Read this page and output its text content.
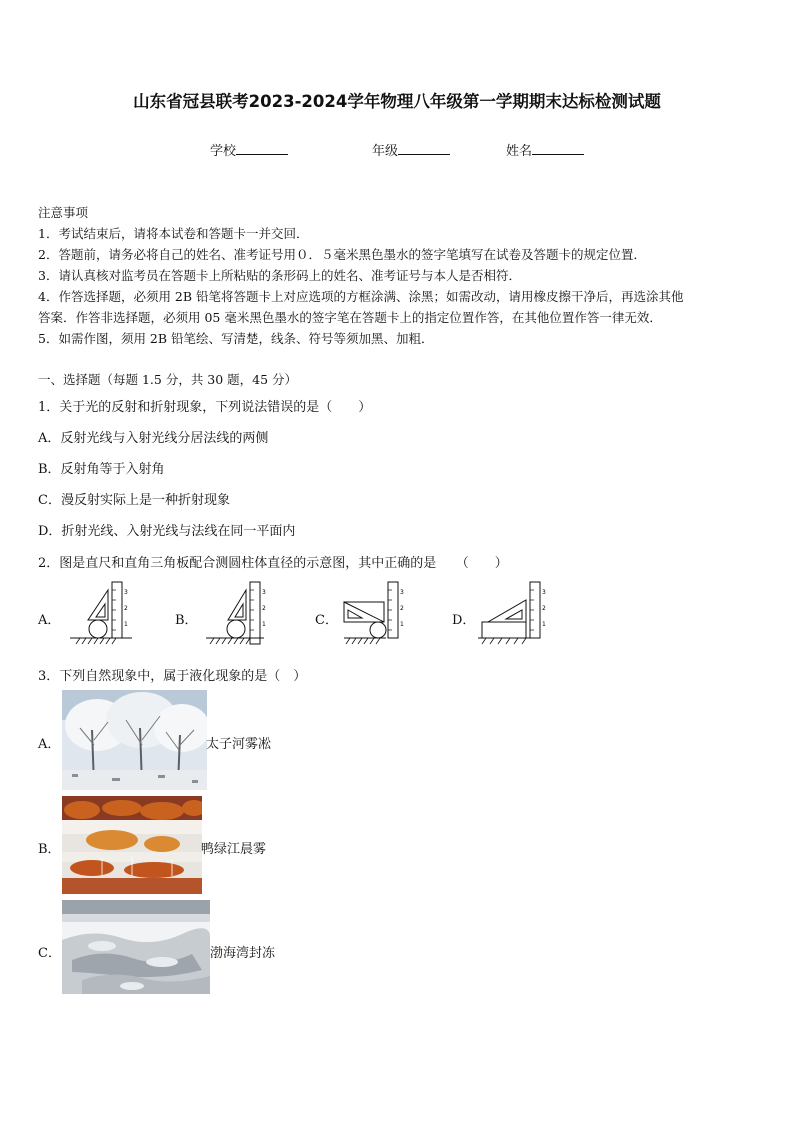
山东省冠县联考2023-2024学年物理八年级第一学期期末达标检测试题
学校	年级	姓名
注意事项
1．考试结束后，请将本试卷和答题卡一并交回．
2．答题前，请务必将自己的姓名、准考证号用０．５毫米黑色墨水的签字笔填写在试卷及答题卡的规定位置．
3．请认真核对监考员在答题卡上所粘贴的条形码上的姓名、准考证号与本人是否相符．
4．作答选择题，必须用 2B 铅笔将答题卡上对应选项的方框涂满、涂黑；如需改动，请用橡皮擦干净后，再选涂其他
答案．作答非选择题，必须用 05 毫米黑色墨水的签字笔在答题卡上的指定位置作答，在其他位置作答一律无效．
5．如需作图，须用 2B 铅笔绘、写清楚，线条、符号等须加黑、加粗．
一、选择题（每题 1.5 分，共 30 题，45 分）
1．关于光的反射和折射现象，下列说法错误的是（　　）
A．反射光线与入射光线分居法线的两侧
B．反射角等于入射角
C．漫反射实际上是一种折射现象
D．折射光线、入射光线与法线在同一平面内
2．图是直尺和直角三角板配合测圆柱体直径的示意图，其中正确的是　　（　　）
A．
3
2
1	B．
3
2
1	C．
3
2
1	D．
3
2
1
3．下列自然现象中，属于液化现象的是（　）
A．	太子河雾凇
B．	鸭绿江晨雾
C．	渤海湾封冻
